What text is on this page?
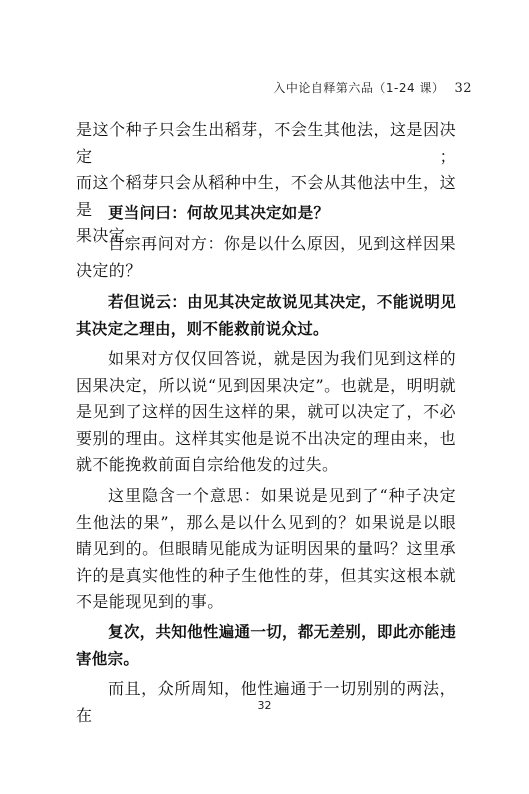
入中论自释第六品（1-24 课） 32

是这个种子只会生出稻芽，不会生其他法，这是因决定；

而这个稻芽只会从稻种中生，不会从其他法中生，这是

果决定。

更当问曰：何故见其决定如是？

自宗再问对方：你是以什么原因，见到这样因果决定的？

若但说云：由见其决定故说见其决定，不能说明见其决定之理由，则不能救前说众过。

如果对方仅仅回答说，就是因为我们见到这样的因果决定，所以说“见到因果决定”。也就是，明明就是见到了这样的因生这样的果，就可以决定了，不必要别的理由。这样其实他是说不出决定的理由来，也就不能挽救前面自宗给他发的过失。

这里隐含一个意思：如果说是见到了“种子决定生他法的果”，那么是以什么见到的？如果说是以眼睛见到的。但眼睛见能成为证明因果的量吗？这里承许的是真实他性的种子生他性的芽，但其实这根本就不是能现见到的事。

复次，共知他性遍通一切，都无差别，即此亦能违害他宗。

而且，众所周知，他性遍通于一切别别的两法，在	32
